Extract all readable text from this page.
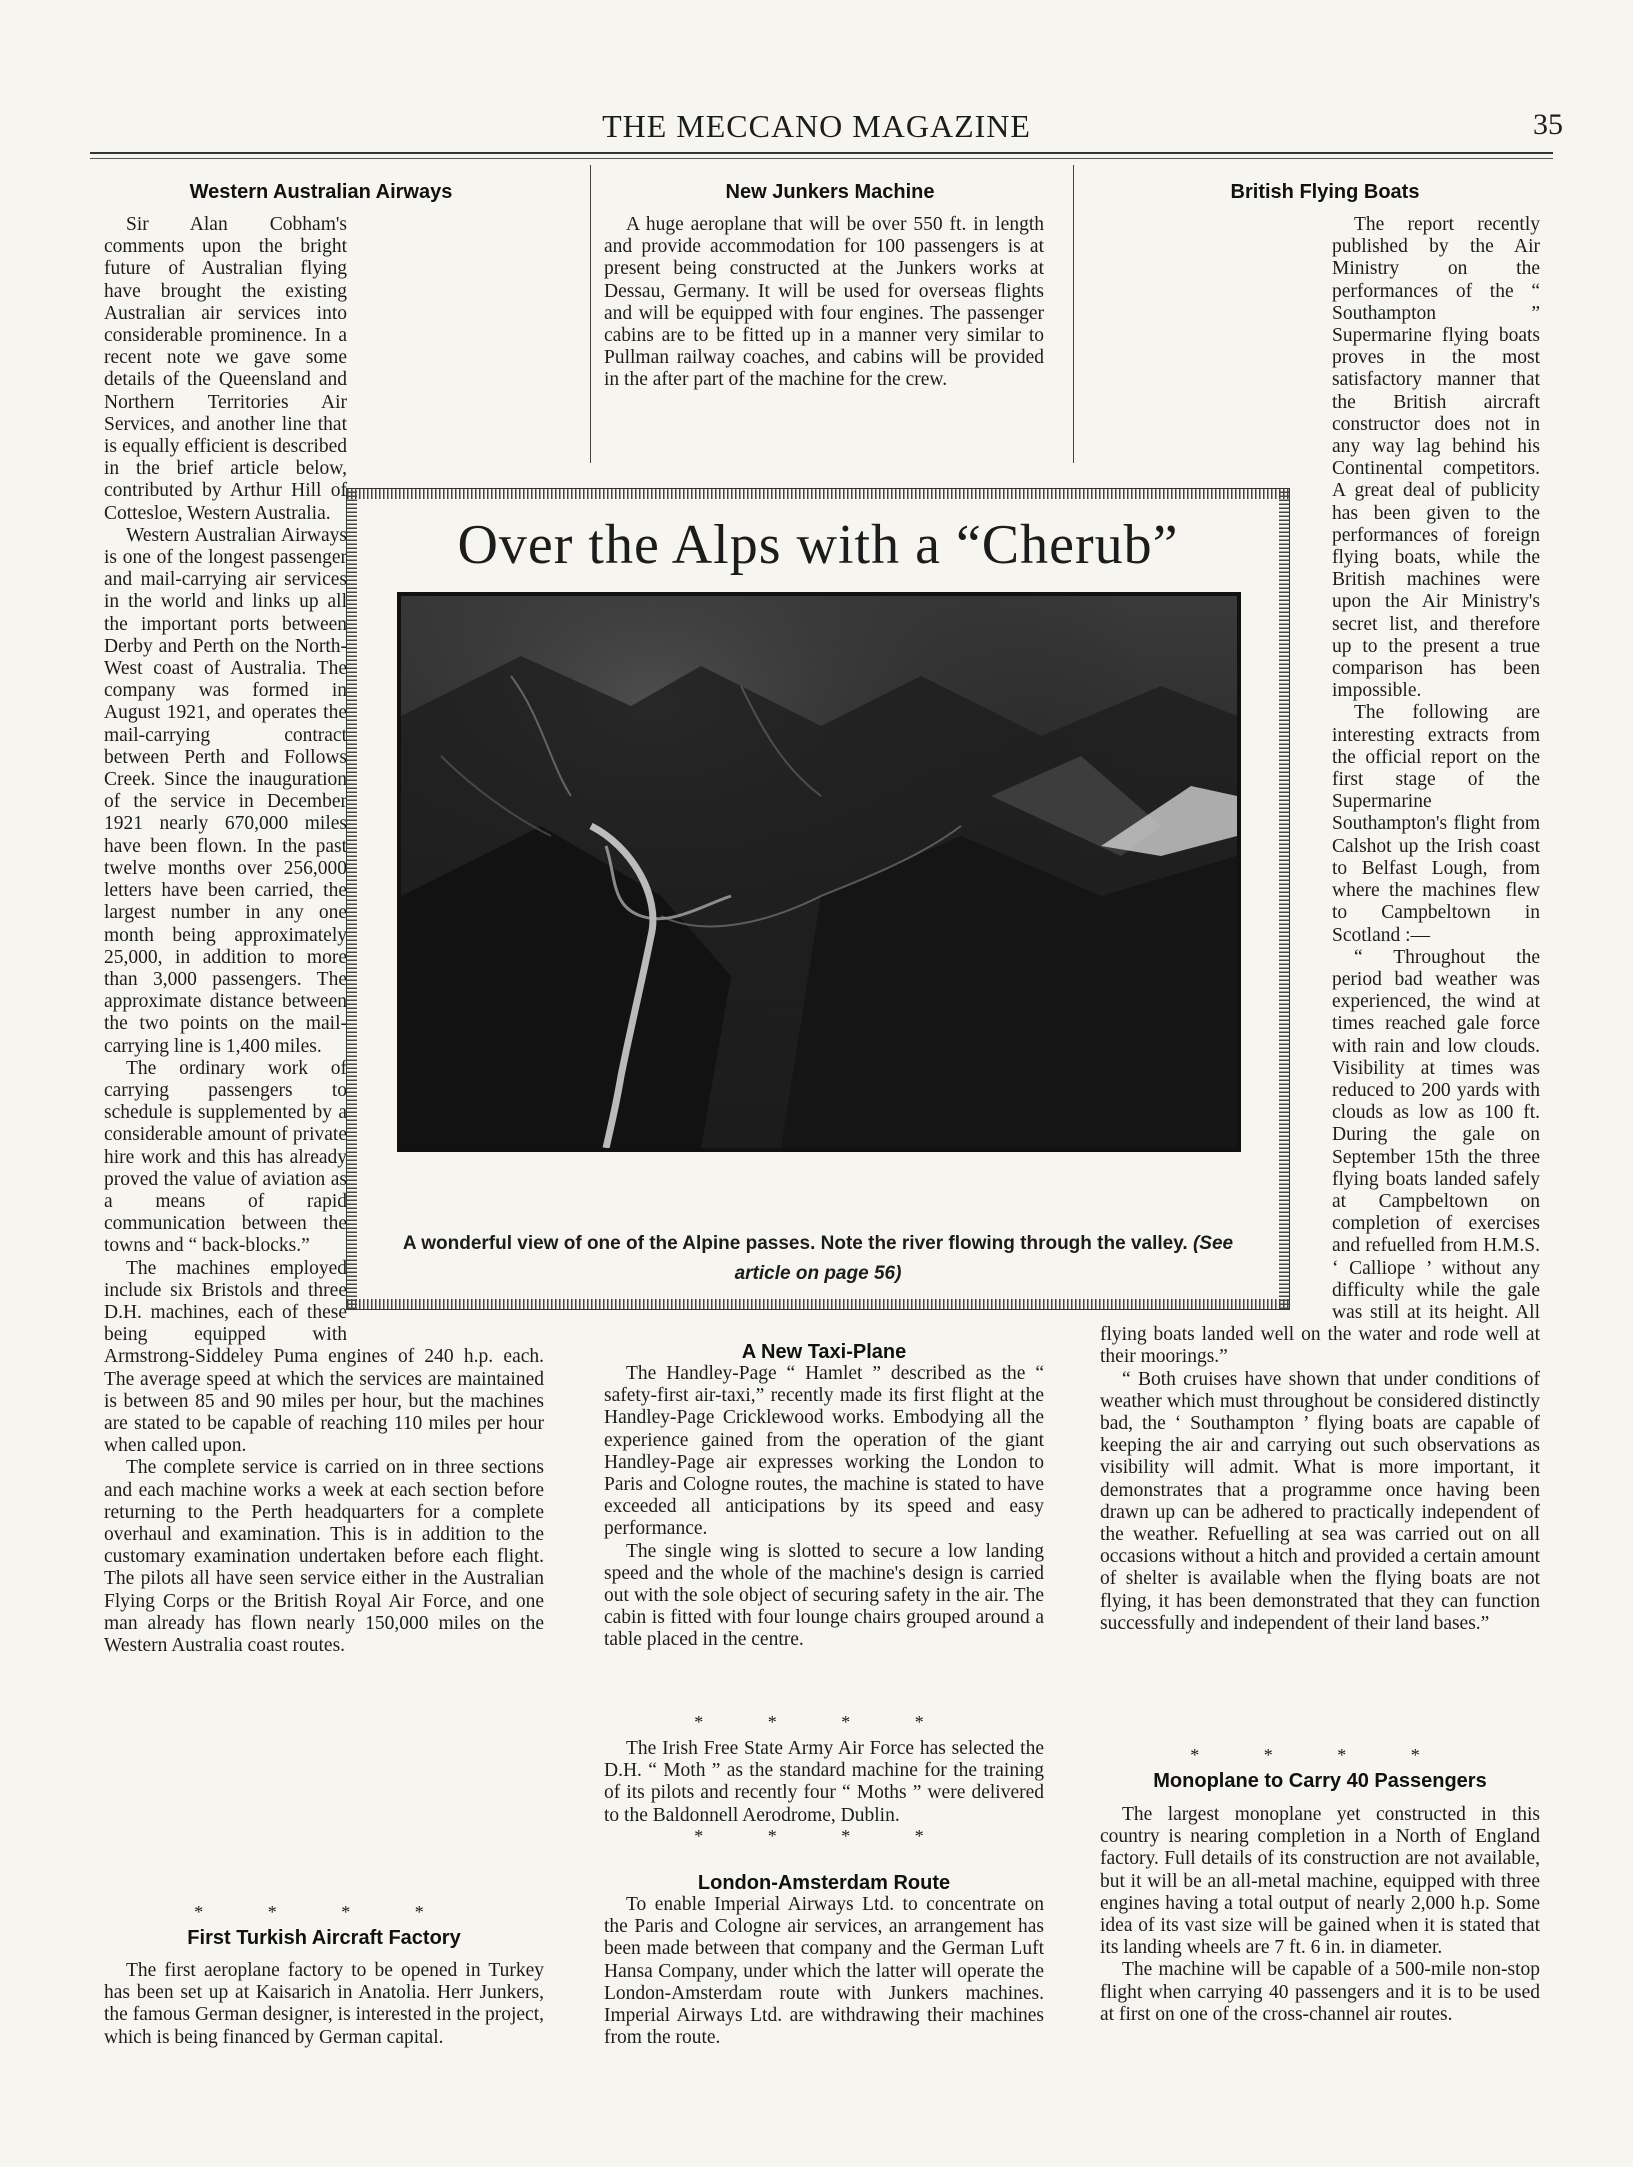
THE MECCANO MAGAZINE	35
Western Australian Airways

Sir Alan Cobham's comments upon the bright future of Australian flying have brought the existing Australian air services into considerable prominence. In a recent note we gave some details of the Queensland and Northern Territories Air Services, and another line that is equally efficient is described in the brief article below, contributed by Arthur Hill of Cottesloe, Western Australia.

Western Australian Airways is one of the longest passenger and mail-carrying air services in the world and links up all the important ports between Derby and Perth on the North-West coast of Australia. The company was formed in August 1921, and operates the mail-carrying contract between Perth and Follows Creek. Since the inauguration of the service in December 1921 nearly 670,000 miles have been flown. In the past twelve months over 256,000 letters have been carried, the largest number in any one month being approximately 25,000, in addition to more than 3,000 passengers. The approximate distance between the two points on the mail-carrying line is 1,400 miles.

The ordinary work of carrying passengers to schedule is supplemented by a considerable amount of private hire work and this has already proved the value of aviation as a means of rapid communication between the towns and “ back-blocks.”

The machines employed include six Bristols and three D.H. machines, each of these being equipped with Armstrong-Siddeley Puma engines of 240 h.p. each. The average speed at which the services are maintained is between 85 and 90 miles per hour, but the machines are stated to be capable of reaching 110 miles per hour when called upon.

The complete service is carried on in three sections and each machine works a week at each section before returning to the Perth headquarters for a complete overhaul and examination. This is in addition to the customary examination undertaken before each flight. The pilots all have seen service either in the Australian Flying Corps or the British Royal Air Force, and one man already has flown nearly 150,000 miles on the Western Australia coast routes.

* * * *
First Turkish Aircraft Factory

The first aeroplane factory to be opened in Turkey has been set up at Kaisarich in Anatolia. Herr Junkers, the famous German designer, is interested in the project, which is being financed by German capital.

New Junkers Machine

A huge aeroplane that will be over 550 ft. in length and provide accommodation for 100 passengers is at present being constructed at the Junkers works at Dessau, Germany. It will be used for overseas flights and will be equipped with four engines. The passenger cabins are to be fitted up in a manner very similar to Pullman railway coaches, and cabins will be provided in the after part of the machine for the crew.

British Flying Boats

The report recently published by the Air Ministry on the performances of the “ Southampton ” Supermarine flying boats proves in the most satisfactory manner that the British aircraft constructor does not in any way lag behind his Continental competitors. A great deal of publicity has been given to the performances of foreign flying boats, while the British machines were upon the Air Ministry's secret list, and therefore up to the present a true comparison has been impossible.

The following are interesting extracts from the official report on the first stage of the Supermarine Southampton's flight from Calshot up the Irish coast to Belfast Lough, from where the machines flew to Campbeltown in Scotland :—

“ Throughout the period bad weather was experienced, the wind at times reached gale force with rain and low clouds. Visibility at times was reduced to 200 yards with clouds as low as 100 ft. During the gale on September 15th the three flying boats landed safely at Campbeltown on completion of exercises and refuelled from H.M.S. ‘ Calliope ’ without any difficulty while the gale was still at its height. All flying boats landed well on the water and rode well at their moorings.”

“ Both cruises have shown that under conditions of weather which must throughout be considered distinctly bad, the ‘ Southampton ’ flying boats are capable of keeping the air and carrying out such observations as visibility will admit. What is more important, it demonstrates that a programme once having been drawn up can be adhered to practically independent of the weather. Refuelling at sea was carried out on all occasions without a hitch and provided a certain amount of shelter is available when the flying boats are not flying, it has been demonstrated that they can function successfully and independent of their land bases.”

* * * *
Monoplane to Carry 40 Passengers

The largest monoplane yet constructed in this country is nearing completion in a North of England factory. Full details of its construction are not available, but it will be an all-metal machine, equipped with three engines having a total output of nearly 2,000 h.p. Some idea of its vast size will be gained when it is stated that its landing wheels are 7 ft. 6 in. in diameter.

The machine will be capable of a 500-mile non-stop flight when carrying 40 passengers and it is to be used at first on one of the cross-channel air routes.

Over the Alps with a “Cherub”
A wonderful view of one of the Alpine passes. Note the river flowing through the valley. (See article on page 56)
A New Taxi-Plane

The Handley-Page “ Hamlet ” described as the “ safety-first air-taxi,” recently made its first flight at the Handley-Page Cricklewood works. Embodying all the experience gained from the operation of the giant Handley-Page air expresses working the London to Paris and Cologne routes, the machine is stated to have exceeded all anticipations by its speed and easy performance.

The single wing is slotted to secure a low landing speed and the whole of the machine's design is carried out with the sole object of securing safety in the air. The cabin is fitted with four lounge chairs grouped around a table placed in the centre.

* * * *

The Irish Free State Army Air Force has selected the D.H. “ Moth ” as the standard machine for the training of its pilots and recently four “ Moths ” were delivered to the Baldonnell Aerodrome, Dublin.

* * * *
London-Amsterdam Route

To enable Imperial Airways Ltd. to concentrate on the Paris and Cologne air services, an arrangement has been made between that company and the German Luft Hansa Company, under which the latter will operate the London-Amsterdam route with Junkers machines. Imperial Airways Ltd. are withdrawing their machines from the route.
